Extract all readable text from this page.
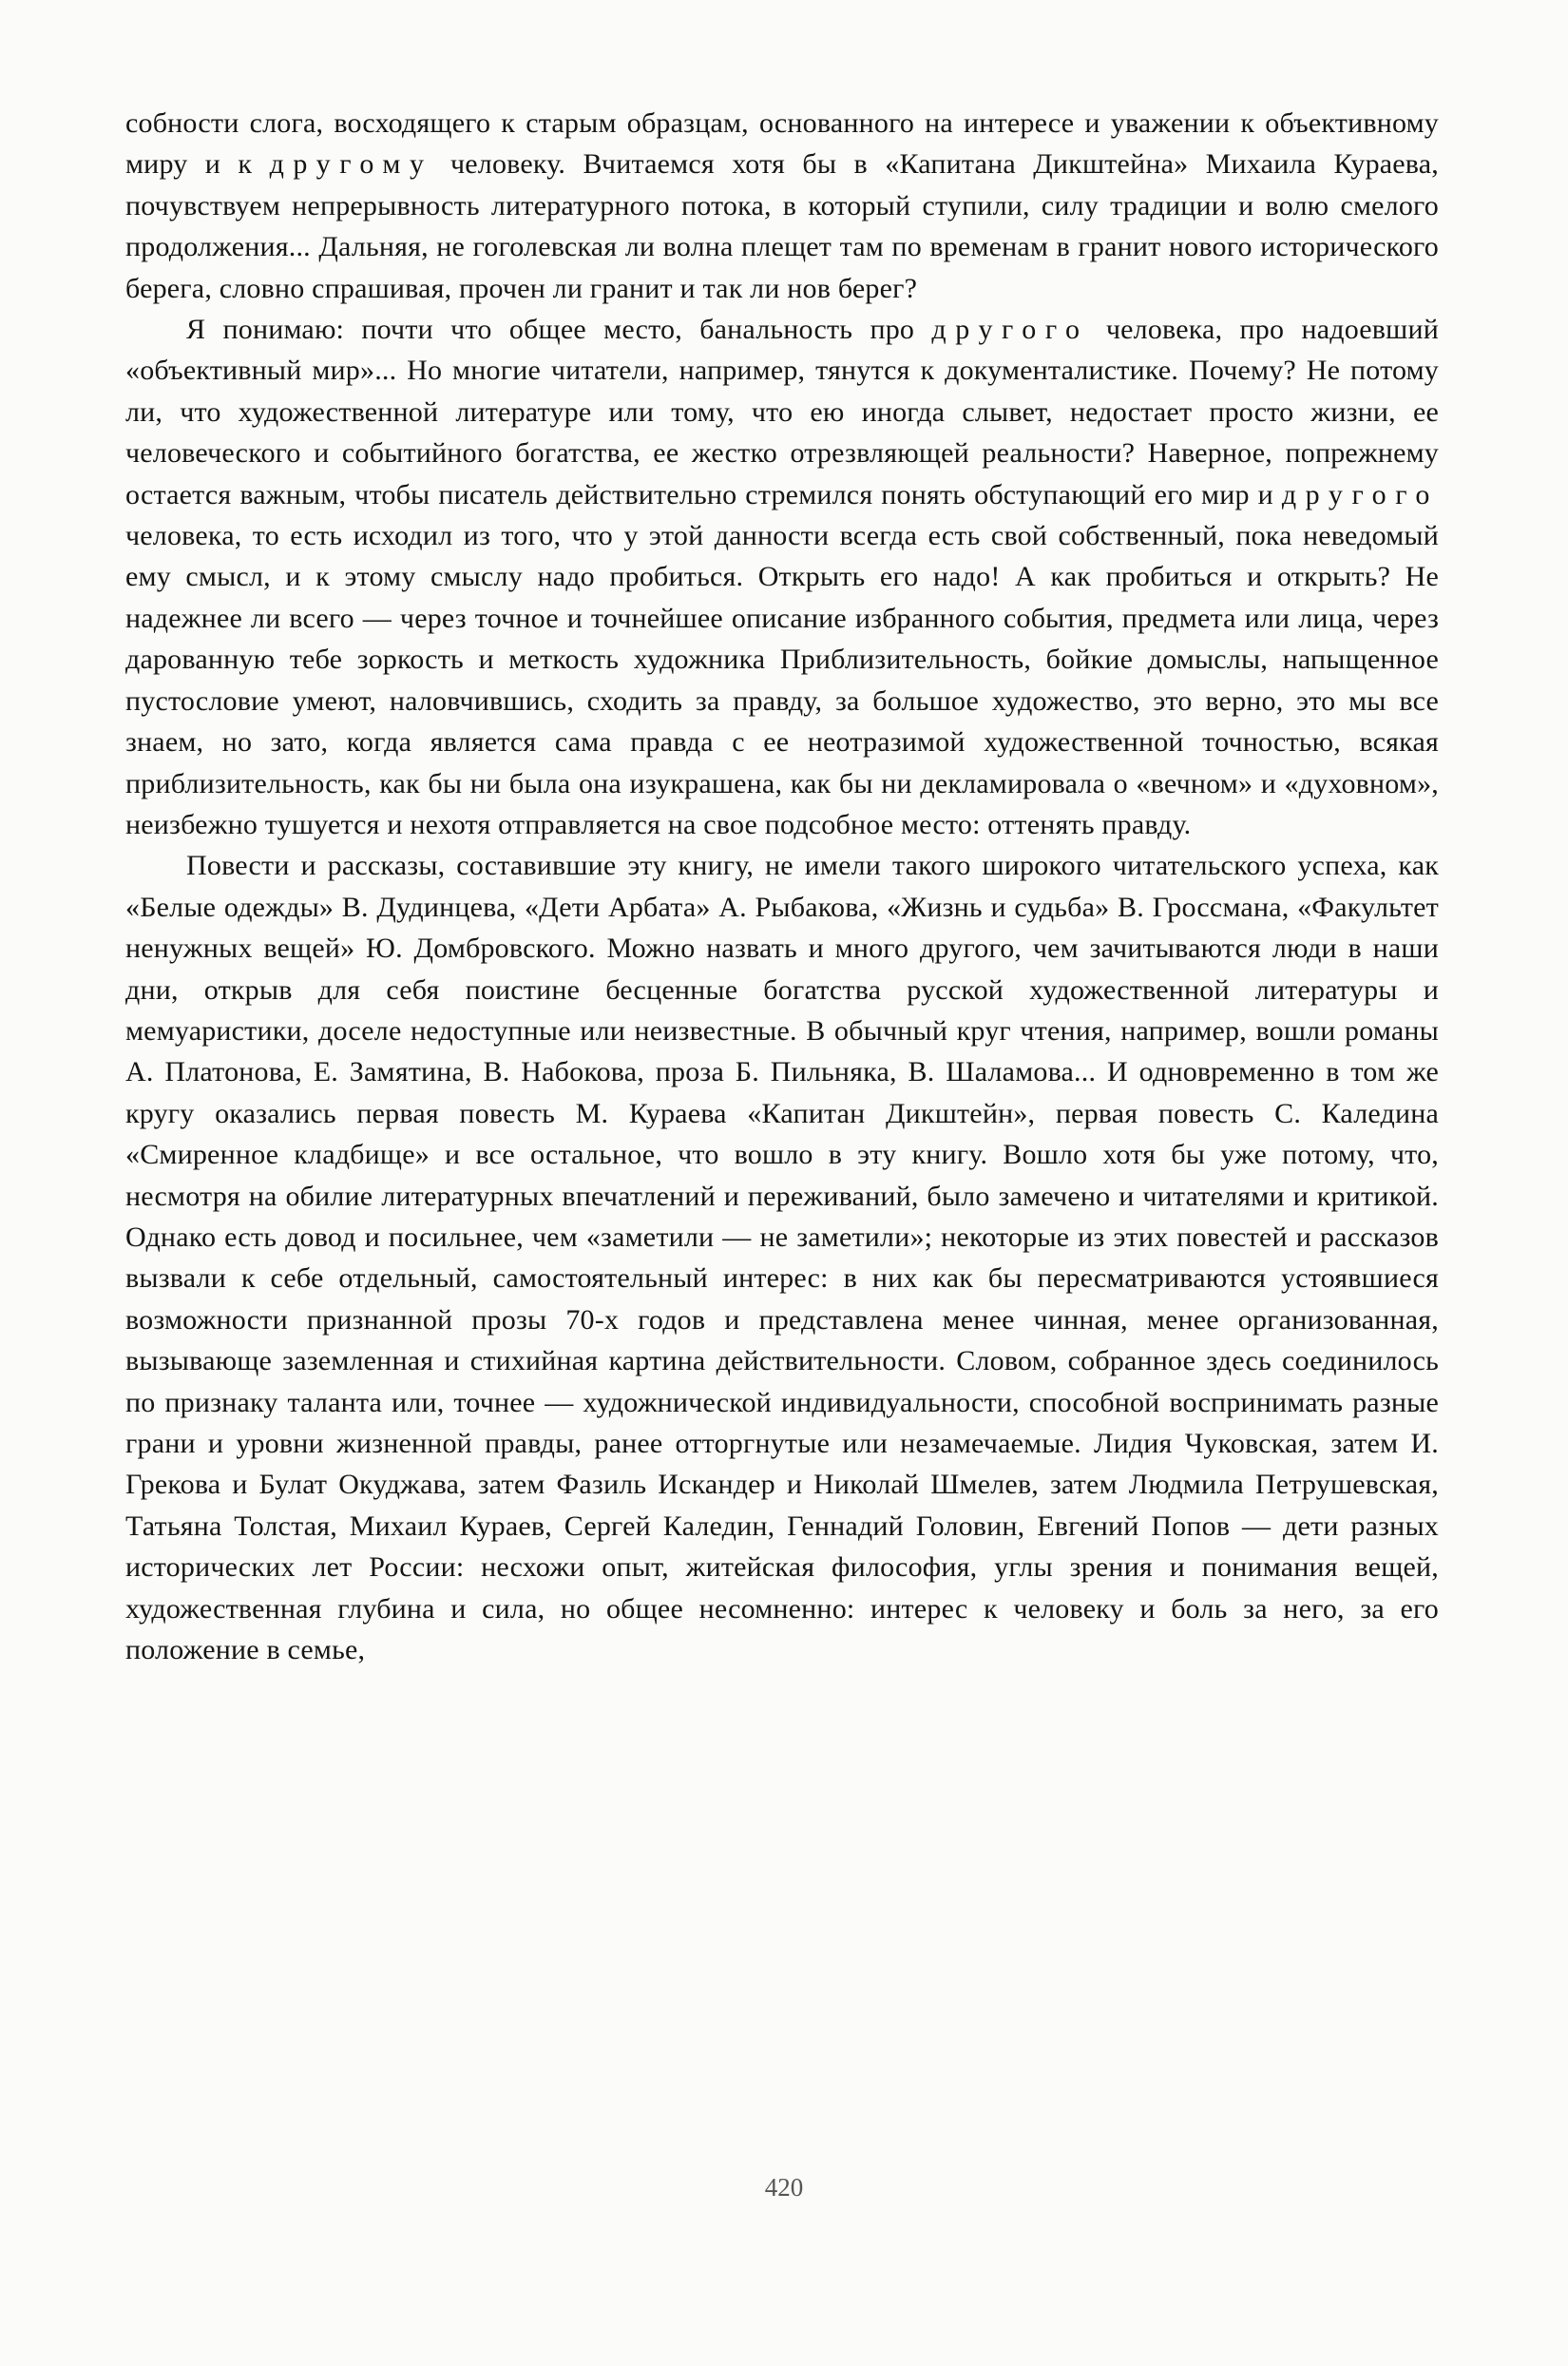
собности слога, восходящего к старым образцам, основанного на интересе и уважении к объективному миру и к другому человеку. Вчитаемся хотя бы в «Капитана Дикштейна» Михаила Кураева, почувствуем непрерывность литературного потока, в который ступили, силу традиции и волю смелого продолжения... Дальняя, не гоголевская ли волна плещет там по временам в гранит нового исторического берега, словно спрашивая, прочен ли гранит и так ли нов берег?

Я понимаю: почти что общее место, банальность про другого человека, про надоевший «объективный мир»... Но многие читатели, например, тянутся к документалистике. Почему? Не потому ли, что художественной литературе или тому, что ею иногда слывет, недостает просто жизни, ее человеческого и событийного богатства, ее жестко отрезвляющей реальности? Наверное, попрежнему остается важным, чтобы писатель действительно стремился понять обступающий его мир и другого человека, то есть исходил из того, что у этой данности всегда есть свой собственный, пока неведомый ему смысл, и к этому смыслу надо пробиться. Открыть его надо! А как пробиться и открыть? Не надежнее ли всего — через точное и точнейшее описание избранного события, предмета или лица, через дарованную тебе зоркость и меткость художника Приблизительность, бойкие домыслы, напыщенное пустословие умеют, наловчившись, сходить за правду, за большое художество, это верно, это мы все знаем, но зато, когда является сама правда с ее неотразимой художественной точностью, всякая приблизительность, как бы ни была она изукрашена, как бы ни декламировала о «вечном» и «духовном», неизбежно тушуется и нехотя отправляется на свое подсобное место: оттенять правду.

Повести и рассказы, составившие эту книгу, не имели такого широкого читательского успеха, как «Белые одежды» В. Дудинцева, «Дети Арбата» А. Рыбакова, «Жизнь и судьба» В. Гроссмана, «Факультет ненужных вещей» Ю. Домбровского. Можно назвать и много другого, чем зачитываются люди в наши дни, открыв для себя поистине бесценные богатства русской художественной литературы и мемуаристики, доселе недоступные или неизвестные. В обычный круг чтения, например, вошли романы А. Платонова, Е. Замятина, В. Набокова, проза Б. Пильняка, В. Шаламова... И одновременно в том же кругу оказались первая повесть М. Кураева «Капитан Дикштейн», первая повесть С. Каледина «Смиренное кладбище» и все остальное, что вошло в эту книгу. Вошло хотя бы уже потому, что, несмотря на обилие литературных впечатлений и переживаний, было замечено и читателями и критикой. Однако есть довод и посильнее, чем «заметили — не заметили»; некоторые из этих повестей и рассказов вызвали к себе отдельный, самостоятельный интерес: в них как бы пересматриваются устоявшиеся возможности признанной прозы 70-х годов и представлена менее чинная, менее организованная, вызывающе заземленная и стихийная картина действительности. Словом, собранное здесь соединилось по признаку таланта или, точнее — художнической индивидуальности, способной воспринимать разные грани и уровни жизненной правды, ранее отторгнутые или незамечаемые. Лидия Чуковская, затем И. Грекова и Булат Окуджава, затем Фазиль Искандер и Николай Шмелев, затем Людмила Петрушевская, Татьяна Толстая, Михаил Кураев, Сергей Каледин, Геннадий Головин, Евгений Попов — дети разных исторических лет России: несхожи опыт, житейская философия, углы зрения и понимания вещей, художественная глубина и сила, но общее несомненно: интерес к человеку и боль за него, за его положение в семье,

420
